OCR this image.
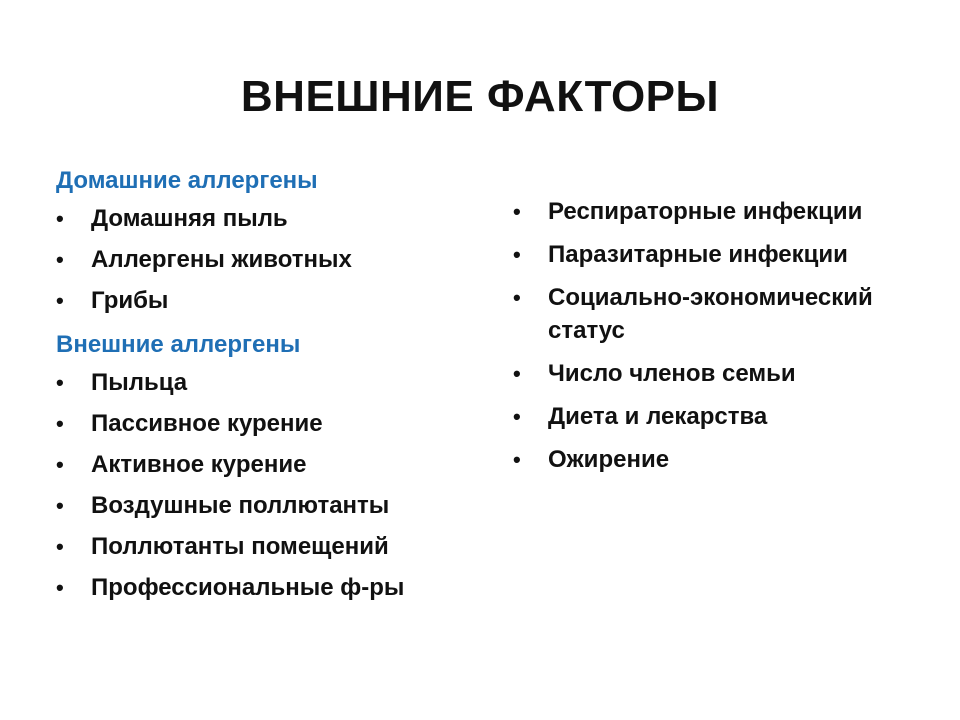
ВНЕШНИЕ ФАКТОРЫ
Домашние аллергены
•	Домашняя пыль
•	Аллергены животных
•	Грибы
Внешние аллергены
•	Пыльца
•	Пассивное курение
•	Активное курение
•	Воздушные поллютанты
•	Поллютанты помещений
•	Профессиональные ф-ры
•	Респираторные инфекции
•	Паразитарные инфекции
•	Социально-экономический статус
•	Число членов семьи
•	Диета и лекарства
•	Ожирение
